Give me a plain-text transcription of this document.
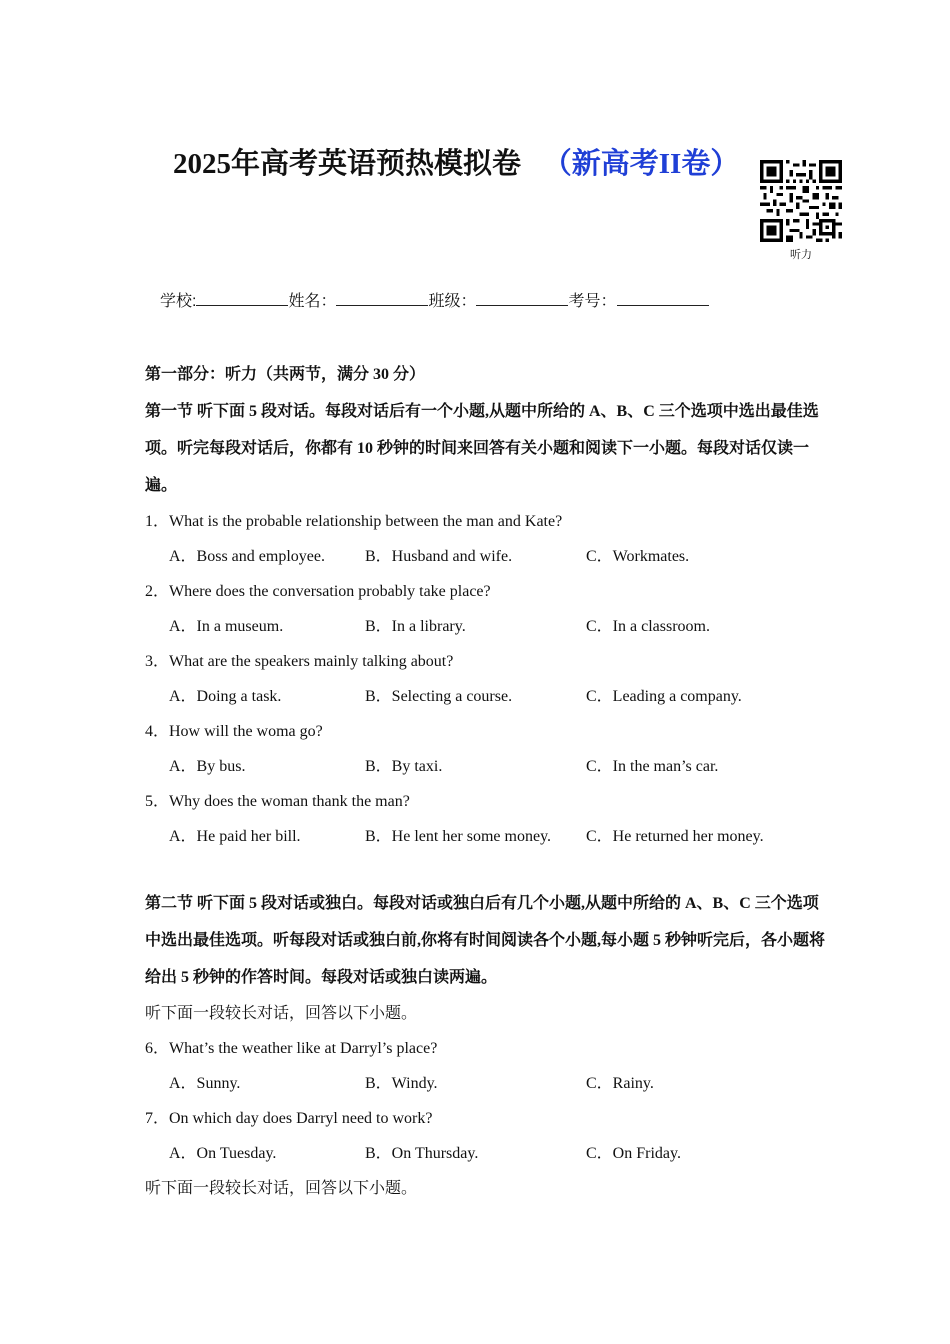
2025年高考英语预热模拟卷 （新高考II卷）
听力
学校:	姓名：	班级：	考号：

第一部分：听力（共两节，满分 30 分）

第一节 听下面 5 段对话。每段对话后有一个小题,从题中所给的 A、B、C 三个选项中选出最佳选项。听完每段对话后，你都有 10 秒钟的时间来回答有关小题和阅读下一小题。每段对话仅读一遍。

1．What is the probable relationship between the man and Kate?

A．Boss and employee.	B．Husband and wife.	C．Workmates.

2．Where does the conversation probably take place?

A．In a museum.	B．In a library.	C．In a classroom.

3．What are the speakers mainly talking about?

A．Doing a task.	B．Selecting a course.	C．Leading a company.

4．How will the woma go?

A．By bus.	B．By taxi.	C．In the man’s car.

5．Why does the woman thank the man?

A．He paid her bill.	B．He lent her some money.	C．He returned her money.

第二节 听下面 5 段对话或独白。每段对话或独白后有几个小题,从题中所给的 A、B、C 三个选项中选出最佳选项。听每段对话或独白前,你将有时间阅读各个小题,每小题 5 秒钟听完后，各小题将给出 5 秒钟的作答时间。每段对话或独白读两遍。

听下面一段较长对话，回答以下小题。

6．What’s the weather like at Darryl’s place?

A．Sunny.	B．Windy.	C．Rainy.

7．On which day does Darryl need to work?

A．On Tuesday.	B．On Thursday.	C．On Friday.

听下面一段较长对话，回答以下小题。
